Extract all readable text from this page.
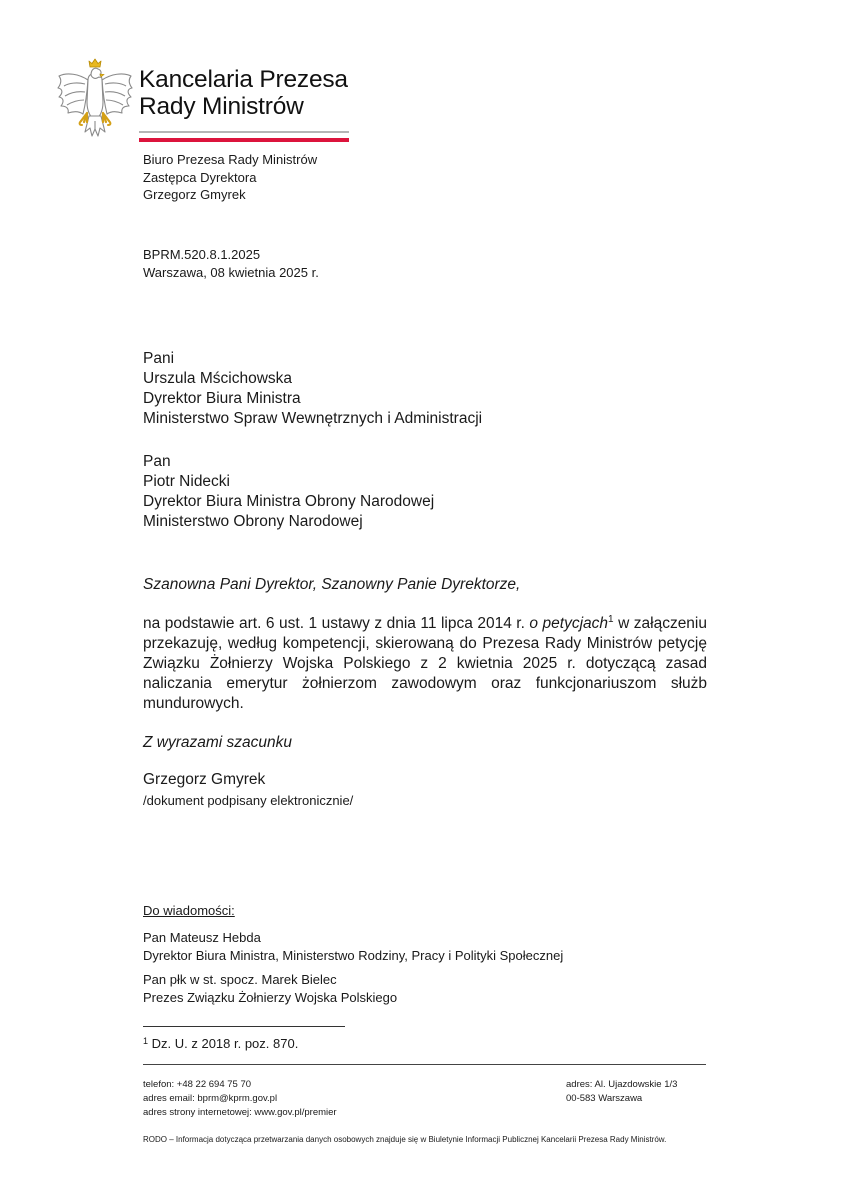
Kancelaria Prezesa
Rady Ministrów
Biuro Prezesa Rady Ministrów
Zastępca Dyrektora
Grzegorz Gmyrek
BPRM.520.8.1.2025
Warszawa, 08 kwietnia 2025 r.
Pani
Urszula Mścichowska
Dyrektor Biura Ministra
Ministerstwo Spraw Wewnętrznych i Administracji
Pan
Piotr Nidecki
Dyrektor Biura Ministra Obrony Narodowej
Ministerstwo Obrony Narodowej
Szanowna Pani Dyrektor, Szanowny Panie Dyrektorze,
na podstawie art. 6 ust. 1 ustawy z dnia 11 lipca 2014 r. o petycjach$^1$ w załączeniu przekazuję, według kompetencji, skierowaną do Prezesa Rady Ministrów petycję Związku Żołnierzy Wojska Polskiego z 2 kwietnia 2025 r. dotyczącą zasad naliczania emerytur żołnierzom zawodowym oraz funkcjonariuszom służb mundurowych.
Z wyrazami szacunku
Grzegorz Gmyrek
/dokument podpisany elektronicznie/
Do wiadomości:
Pan Mateusz Hebda
Dyrektor Biura Ministra, Ministerstwo Rodziny, Pracy i Polityki Społecznej
Pan płk w st. spocz. Marek Bielec
Prezes Związku Żołnierzy Wojska Polskiego
$^1$ Dz. U. z 2018 r. poz. 870.
telefon: +48 22 694 75 70
adres email: bprm@kprm.gov.pl
adres strony internetowej: www.gov.pl/premier
adres: Al. Ujazdowskie 1/3
00-583 Warszawa
RODO – Informacja dotycząca przetwarzania danych osobowych znajduje się w Biuletynie Informacji Publicznej Kancelarii Prezesa Rady Ministrów.
